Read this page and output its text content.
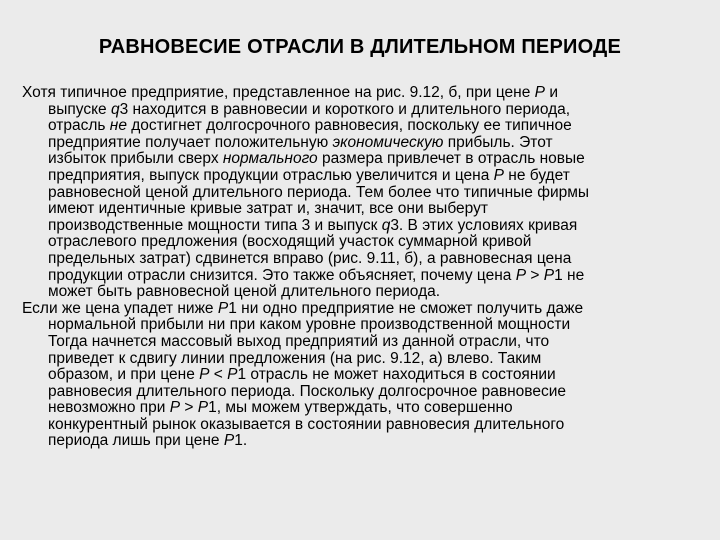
РАВНОВЕСИЕ ОТРАСЛИ В ДЛИТЕЛЬНОМ ПЕРИОДЕ

Хотя типичное предприятие, представленное на рис. 9.12, б, при цене P и
выпуске q3 находится в равновесии и короткого и длительного периода,
отрасль не достигнет долгосрочного равновесия, поскольку ее типичное
предприятие получает положительную экономическую прибыль. Этот
избыток прибыли сверх нормального размера привлечет в отрасль новые
предприятия, выпуск продукции отраслью увеличится и цена P не будет
равновесной ценой длительного периода. Тем более что типичные фирмы
имеют идентичные кривые затрат и, значит, все они выберут
производственные мощности типа 3 и выпуск q3. В этих условиях кривая
отраслевого предложения (восходящий участок суммарной кривой
предельных затрат) сдвинется вправо (рис. 9.11, б), а равновесная цена
продукции отрасли снизится. Это также объясняет, почему цена P > P1 не
может быть равновесной ценой длительного периода.

Если же цена упадет ниже P1 ни одно предприятие не сможет получить даже
нормальной прибыли ни при каком уровне производственной мощности
Тогда начнется массовый выход предприятий из данной отрасли, что
приведет к сдвигу линии предложения (на рис. 9.12, а) влево. Таким
образом, и при цене P < P1 отрасль не может находиться в состоянии
равновесия длительного периода. Поскольку долгосрочное равновесие
невозможно при P > P1, мы можем утверждать, что совершенно
конкурентный рынок оказывается в состоянии равновесия длительного
периода лишь при цене P1.
